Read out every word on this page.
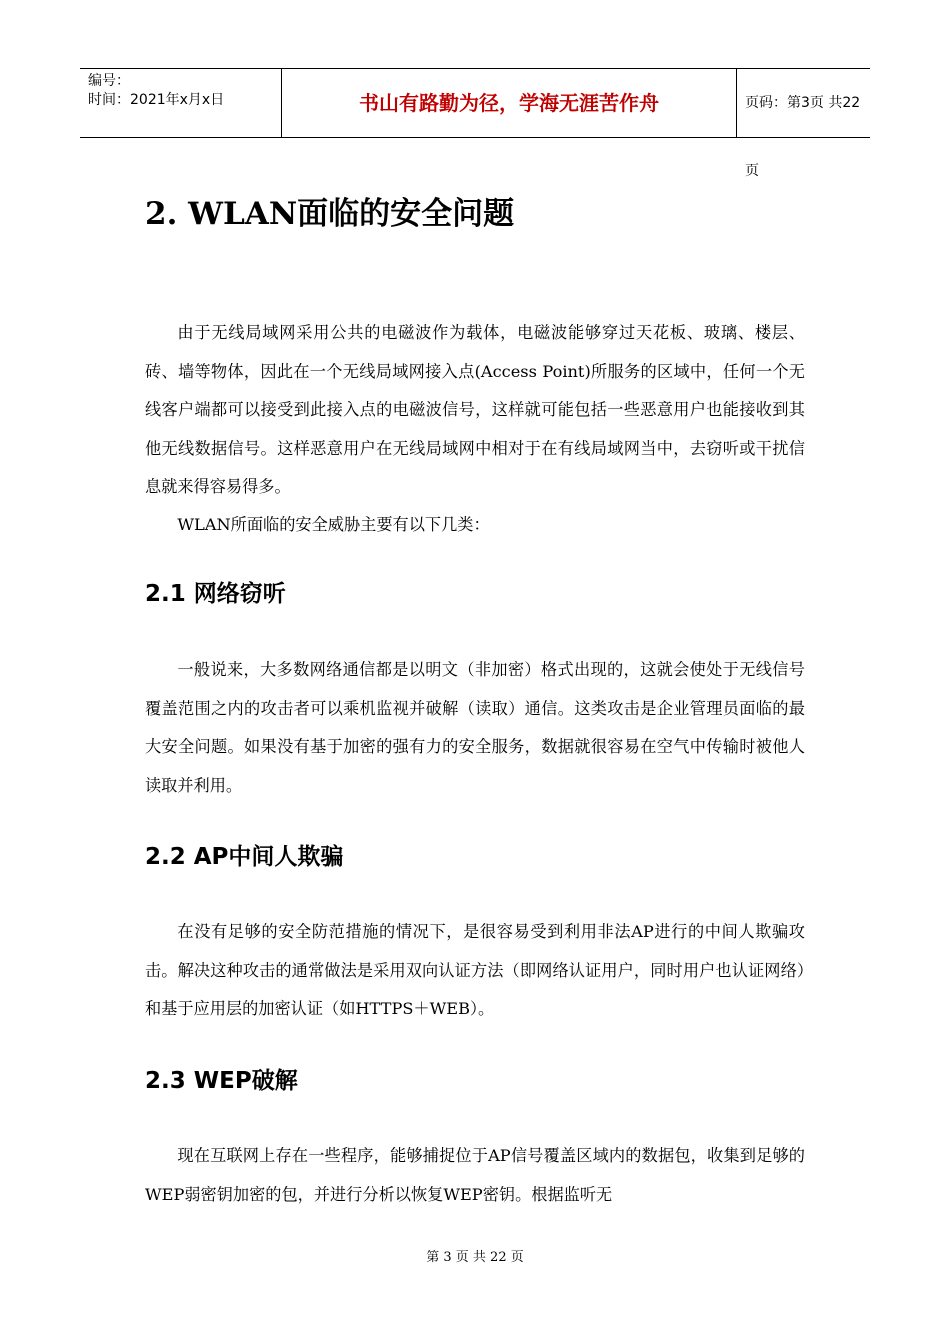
编号：
时间：2021年x月x日	书山有路勤为径，学海无涯苦作舟	页码：第3页 共22页
2. WLAN面临的安全问题
由于无线局域网采用公共的电磁波作为载体，电磁波能够穿过天花板、玻璃、楼层、砖、墙等物体，因此在一个无线局域网接入点(Access Point)所服务的区域中，任何一个无线客户端都可以接受到此接入点的电磁波信号，这样就可能包括一些恶意用户也能接收到其他无线数据信号。这样恶意用户在无线局域网中相对于在有线局域网当中，去窃听或干扰信息就来得容易得多。
WLAN所面临的安全威胁主要有以下几类：
2.1 网络窃听
一般说来，大多数网络通信都是以明文（非加密）格式出现的，这就会使处于无线信号覆盖范围之内的攻击者可以乘机监视并破解（读取）通信。这类攻击是企业管理员面临的最大安全问题。如果没有基于加密的强有力的安全服务，数据就很容易在空气中传输时被他人读取并利用。
2.2 AP中间人欺骗
在没有足够的安全防范措施的情况下，是很容易受到利用非法AP进行的中间人欺骗攻击。解决这种攻击的通常做法是采用双向认证方法（即网络认证用户，同时用户也认证网络）和基于应用层的加密认证（如HTTPS＋WEB）。
2.3 WEP破解
现在互联网上存在一些程序，能够捕捉位于AP信号覆盖区域内的数据包，收集到足够的WEP弱密钥加密的包，并进行分析以恢复WEP密钥。根据监听无
第 3 页 共 22 页
